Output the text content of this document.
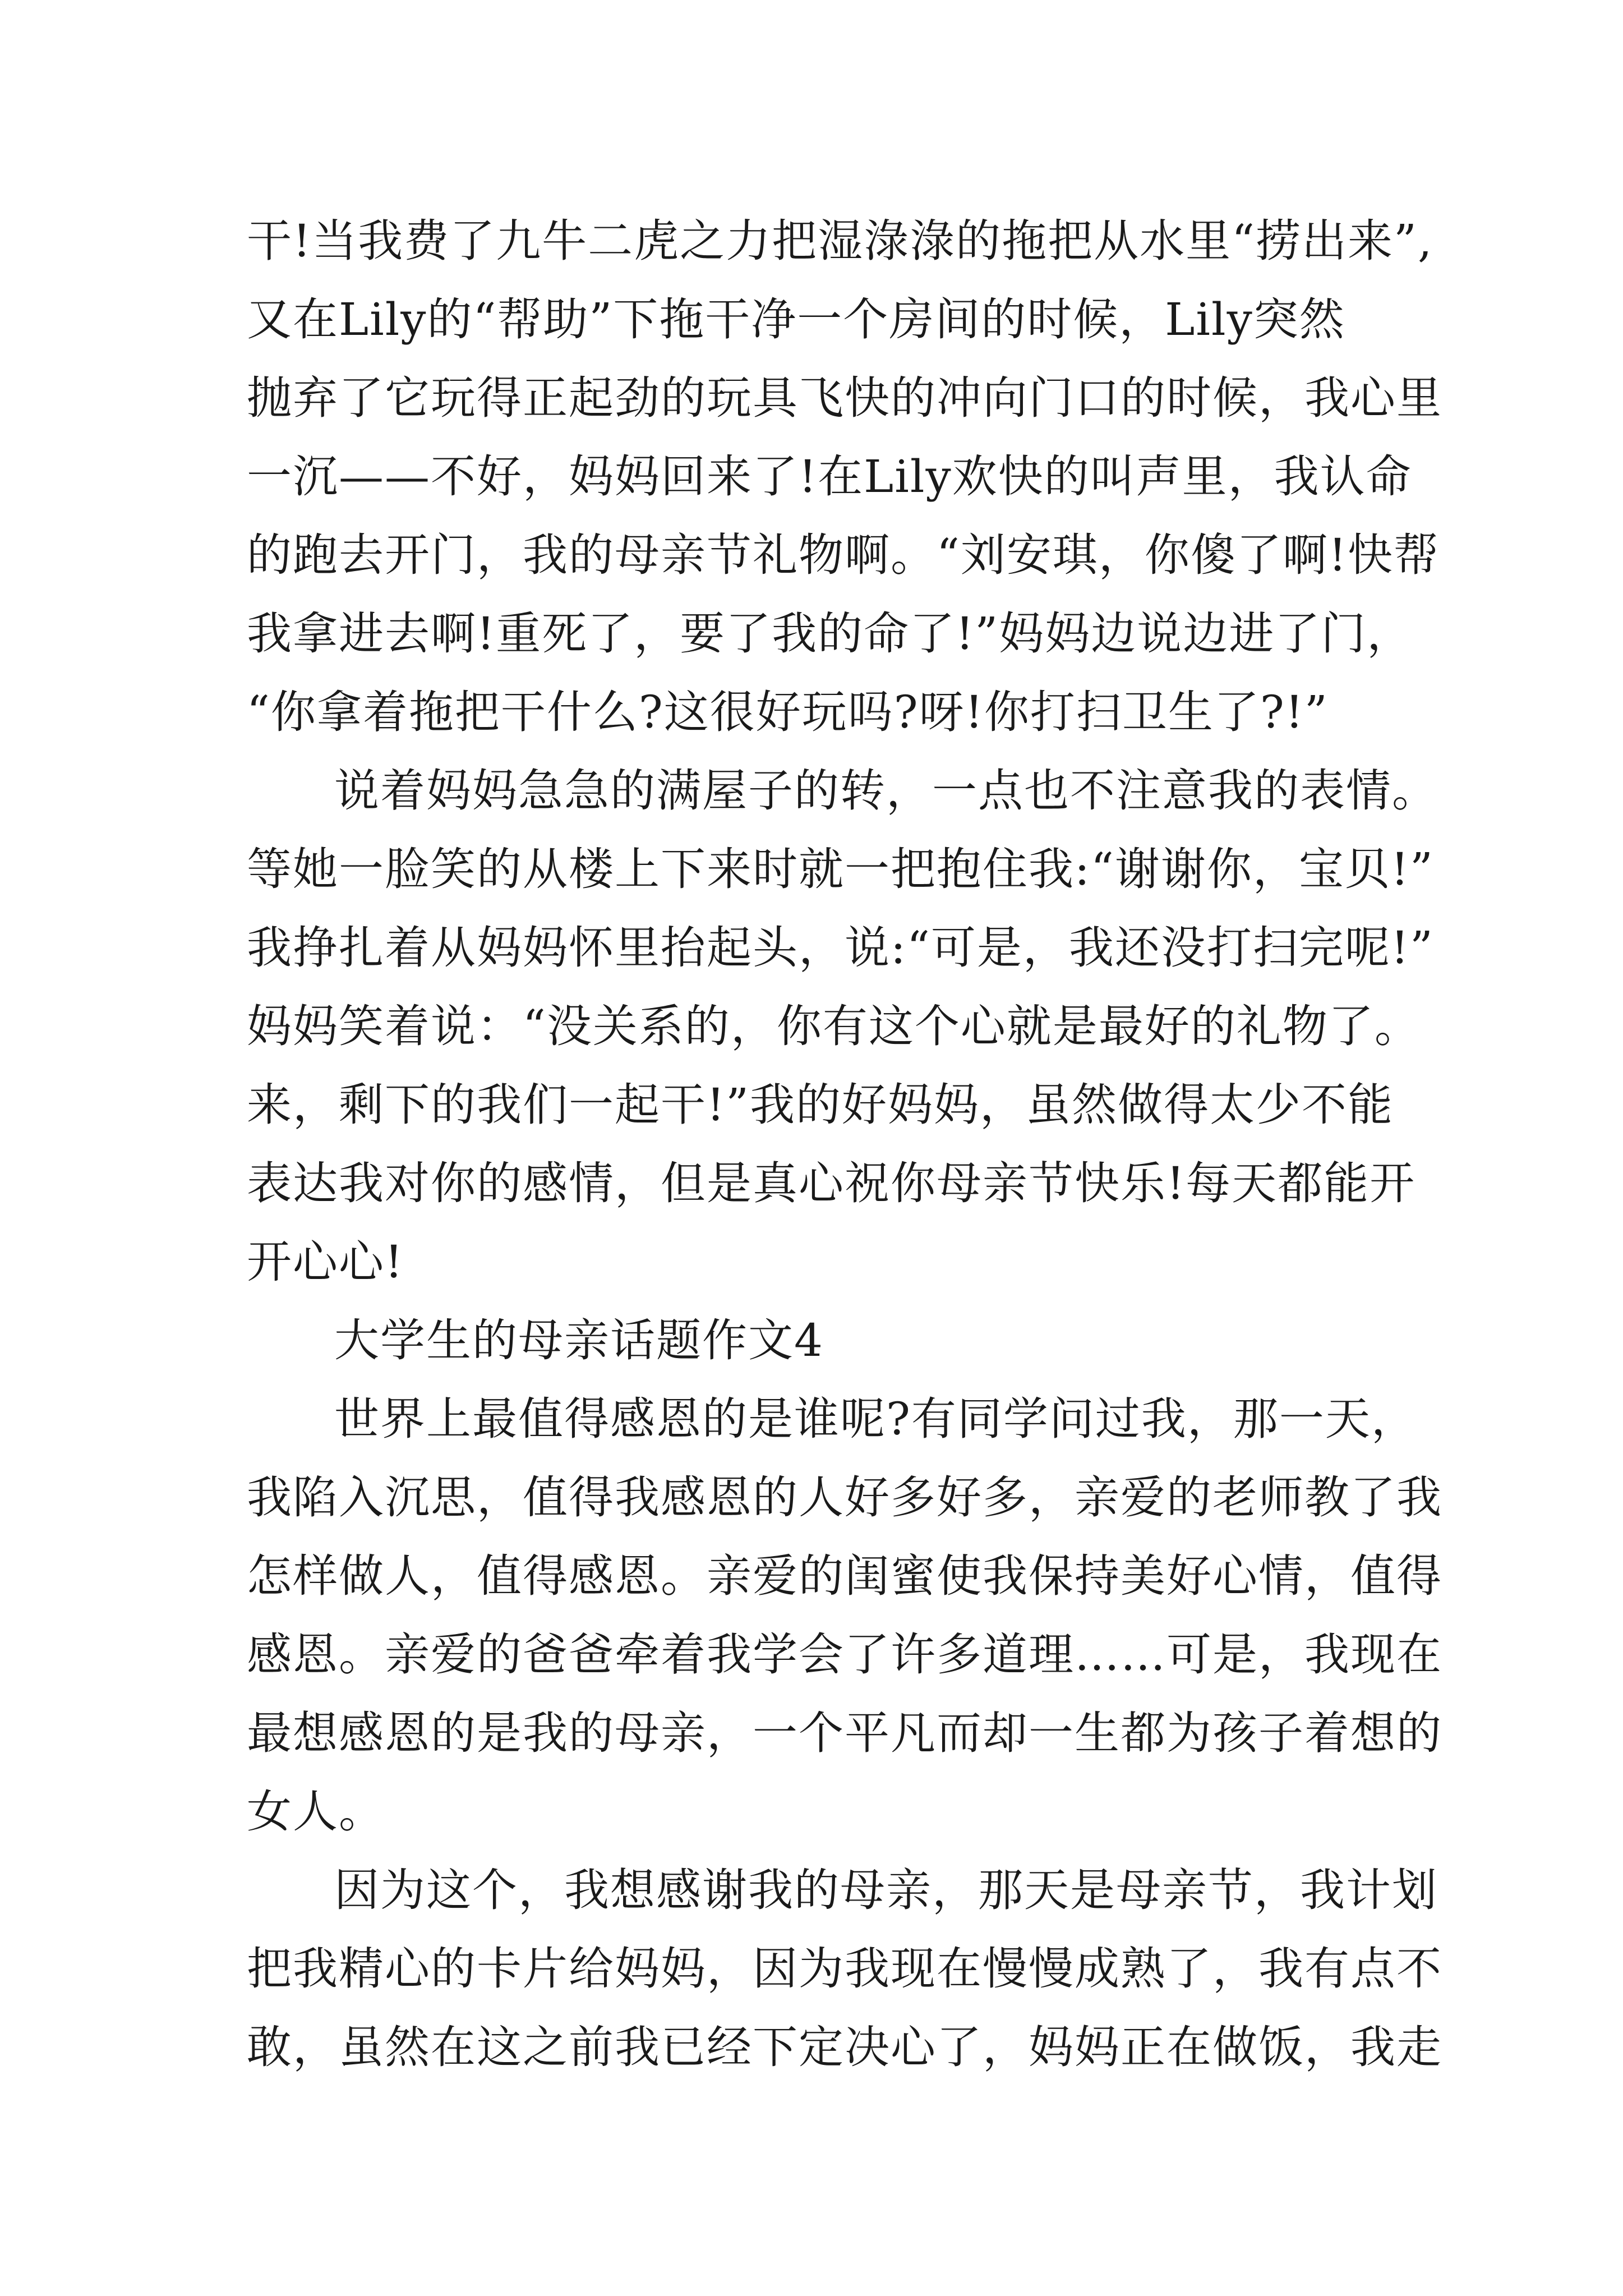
干!当我费了九牛二虎之力把湿淥淥的拖把从水里“捞出来”,
又在Lily的“帮助”下拖干净一个房间的时候，Lily突然
抛弃了它玩得正起劲的玩具飞快的冲向门口的时候，我心里
一沉——不好，妈妈回来了!在Lily欢快的叫声里，我认命
的跑去开门，我的母亲节礼物啊。“刘安琪，你傻了啊!快帮
我拿进去啊!重死了，要了我的命了!”妈妈边说边进了门，
“你拿着拖把干什么?这很好玩吗?呀!你打扫卫生了?!”
说着妈妈急急的满屋子的转，一点也不注意我的表情。
等她一脸笑的从楼上下来时就一把抱住我:“谢谢你，宝贝!”
我挣扎着从妈妈怀里抬起头，说:“可是，我还没打扫完呢!”
妈妈笑着说：“没关系的，你有这个心就是最好的礼物了。
来，剩下的我们一起干!”我的好妈妈，虽然做得太少不能
表达我对你的感情，但是真心祝你母亲节快乐!每天都能开
开心心!
大学生的母亲话题作文4
世界上最值得感恩的是谁呢?有同学问过我，那一天，
我陷入沉思，值得我感恩的人好多好多，亲爱的老师教了我
怎样做人，值得感恩。亲爱的闺蜜使我保持美好心情，值得
感恩。亲爱的爸爸牵着我学会了许多道理……可是，我现在
最想感恩的是我的母亲，一个平凡而却一生都为孩子着想的
女人。
因为这个，我想感谢我的母亲，那天是母亲节，我计划
把我精心的卡片给妈妈，因为我现在慢慢成熟了，我有点不
敢，虽然在这之前我已经下定决心了，妈妈正在做饭，我走
